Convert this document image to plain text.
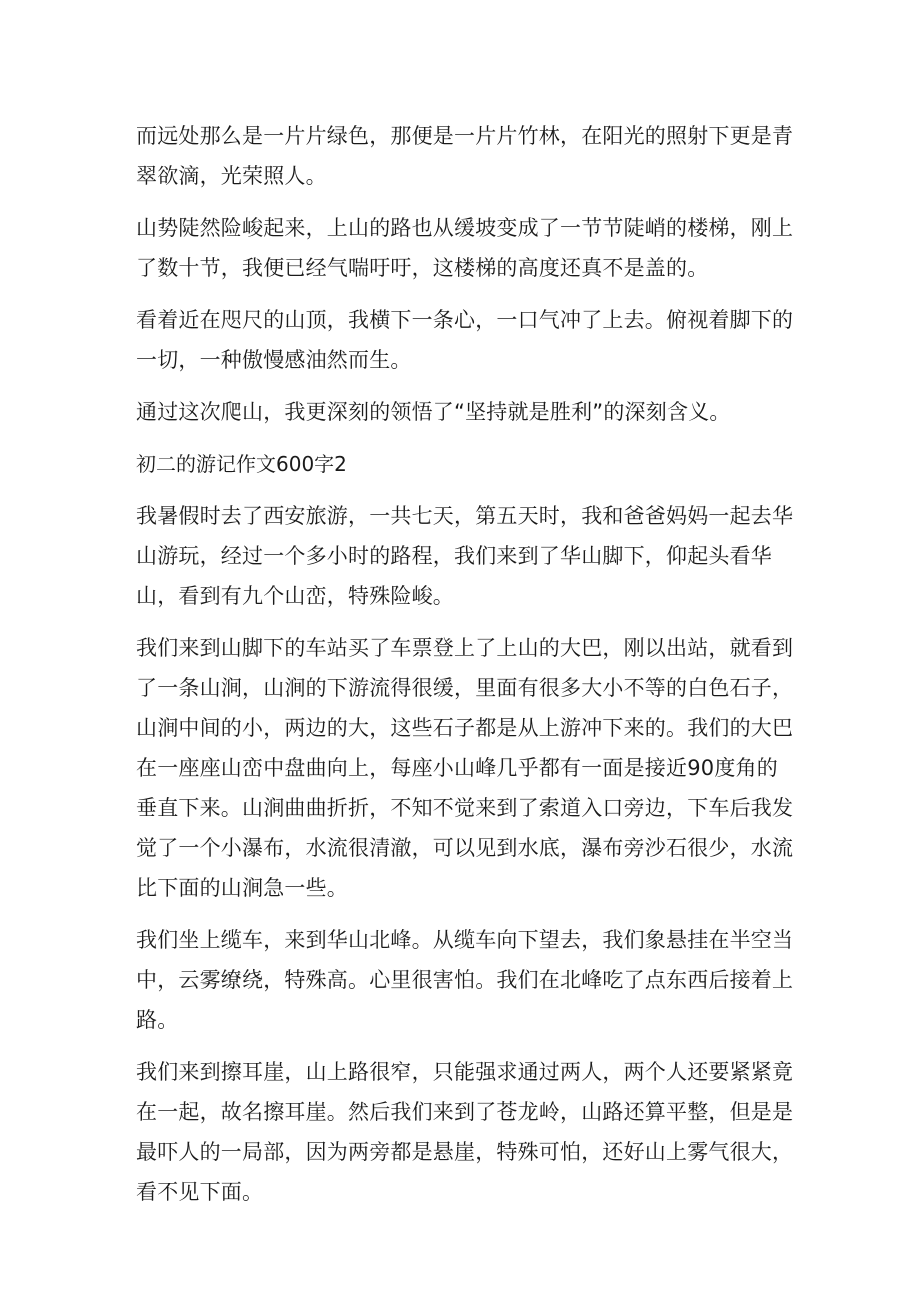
而远处那么是一片片绿色，那便是一片片竹林，在阳光的照射下更是青翠欲滴，光荣照人。

山势陡然险峻起来，上山的路也从缓坡变成了一节节陡峭的楼梯，刚上了数十节，我便已经气喘吁吁，这楼梯的高度还真不是盖的。

看着近在咫尺的山顶，我横下一条心，一口气冲了上去。俯视着脚下的一切，一种傲慢感油然而生。

通过这次爬山，我更深刻的领悟了“坚持就是胜利”的深刻含义。

初二的游记作文600字2

我暑假时去了西安旅游，一共七天，第五天时，我和爸爸妈妈一起去华山游玩，经过一个多小时的路程，我们来到了华山脚下，仰起头看华山，看到有九个山峦，特殊险峻。

我们来到山脚下的车站买了车票登上了上山的大巴，刚以出站，就看到了一条山涧，山涧的下游流得很缓，里面有很多大小不等的白色石子，山涧中间的小，两边的大，这些石子都是从上游冲下来的。我们的大巴在一座座山峦中盘曲向上，每座小山峰几乎都有一面是接近90度角的垂直下来。山涧曲曲折折，不知不觉来到了索道入口旁边，下车后我发觉了一个小瀑布，水流很清澈，可以见到水底，瀑布旁沙石很少，水流比下面的山涧急一些。

我们坐上缆车，来到华山北峰。从缆车向下望去，我们象悬挂在半空当中，云雾缭绕，特殊高。心里很害怕。我们在北峰吃了点东西后接着上路。

我们来到擦耳崖，山上路很窄，只能强求通过两人，两个人还要紧紧竟在一起，故名擦耳崖。然后我们来到了苍龙岭，山路还算平整，但是是最吓人的一局部，因为两旁都是悬崖，特殊可怕，还好山上雾气很大，看不见下面。
